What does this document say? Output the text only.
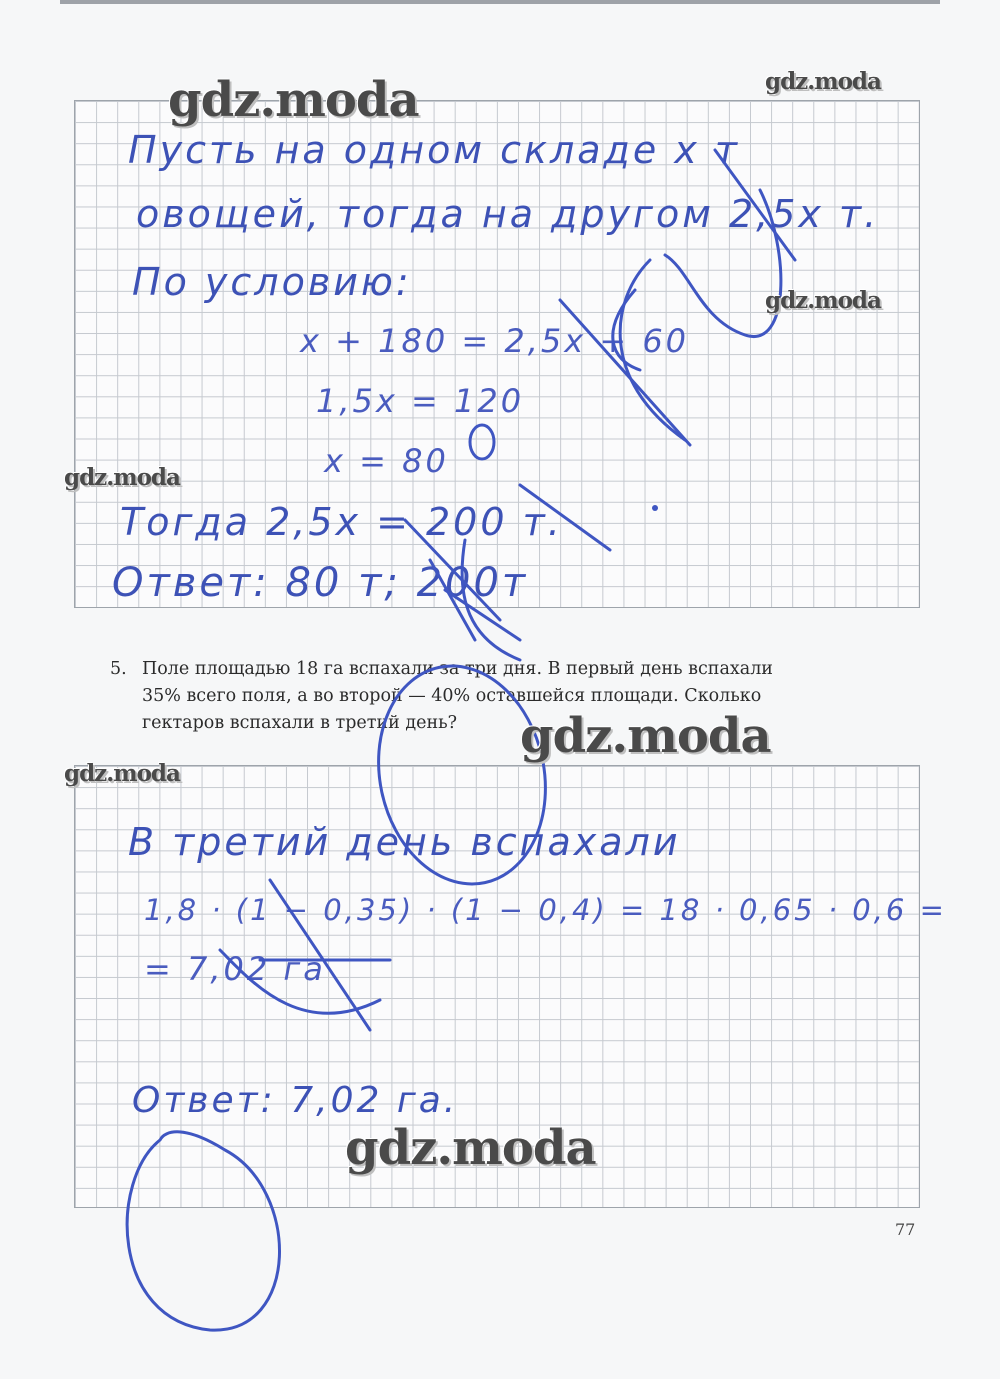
Пусть на одном складе x т

овощей, тогда на другом 2,5x т.

По условию:

x + 180 = 2,5x + 60

1,5x = 120

x = 80

Тогда 2,5x = 200 т.

Ответ: 80 т; 200т

5. Поле площадью 18 га вспахали за три дня. В первый день вспахали
35% всего поля, а во второй — 40% оставшейся площади. Сколько
гектаров вспахали в третий день?

В третий день вспахали

1,8 · (1 − 0,35) · (1 − 0,4) = 18 · 0,65 · 0,6 =

= 7,02 га

Ответ: 7,02 га.

gdz.moda	gdz.moda
gdz.moda
gdz.moda
gdz.moda
gdz.moda
gdz.moda
77
